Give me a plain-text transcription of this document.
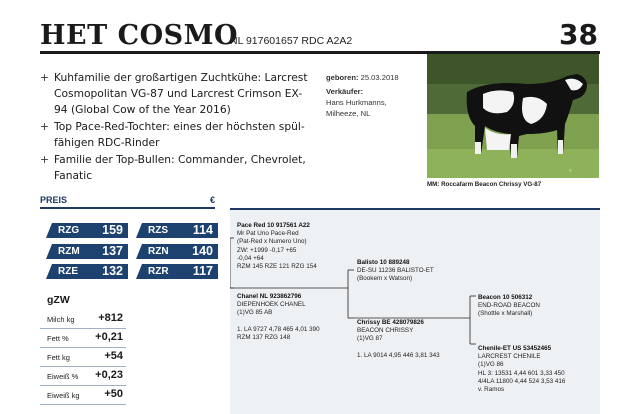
HET COSMO
NL 917601657 RDC A2A2	38
+ Kuhfamilie der großartigen Zuchtkühe: Larcrest Cosmopolitan VG-87 und Larcrest Crimson EX-94 (Global Cow of the Year 2016)
+ Top Pace-Red-Tochter: eines der höchsten spül-fähigen RDC-Rinder
+ Familie der Top-Bullen: Commander, Chevrolet, Fanatic
geboren: 25.03.2018
Verkäufer:
Hans Hurkmanns,
Milheeze, NL
©
MM: Roccafarm Beacon Chrissy VG-87
PREIS	€
RZG 159	RZS 114
RZM 137	RZN 140
RZE 132	RZR 117
gZW
Milch kg +812
Fett % +0,21
Fett kg	+54
Eiweiß % +0,23
Eiweiß kg +50
Pace Red 10 917561 A22
Mr Pat Uno Pace-Red
(Pat-Red x Numero Uno)
ZW: +1999 -0,17 +65
-0,04 +64
RZM 145 RZE 121 RZG 154
Chanel NL 923862796
DIEPENHOEK CHANEL
(1)VG 85 AB
1. LA 9727 4,78 465 4,01 390
RZM 137 RZG 148
Balisto 10 889248
DE-SU 11236 BALISTO-ET
(Bookem x Watson)
Chrissy BE 428079826
BEACON CHRISSY
(1)VG 87
1. LA 9014 4,95 446 3,81 343
Beacon 10 506312
END-ROAD BEACON
(Shottle x Marshall)
Chenile-ET US 53452465
LARCREST CHENILE
(1)VG 86
HL 3: 13531 4,44 601 3,33 450
4/4LA 11800 4,44 524 3,53 416
v. Ramos
